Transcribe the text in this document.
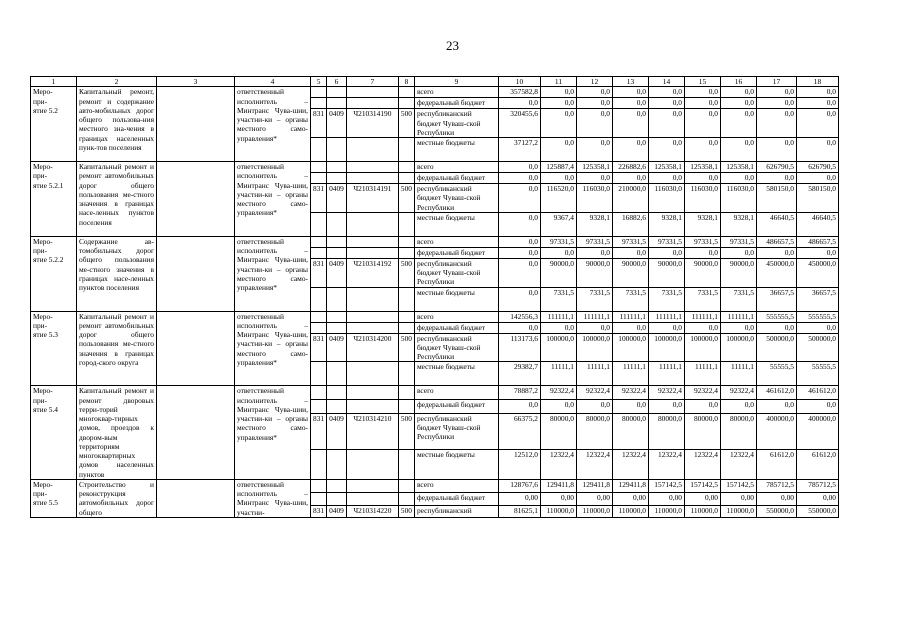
23
1	2	3	4	5	6	7	8	9	10	11	12	13	14	15	16	17	18

Меро-
при-
ятие 5.2	Капитальный ремонт, ремонт и содержание авто-мобильных дорог общего пользова-ния местного зна-чения в границах населенных пунк-тов поселения		ответственный исполнитель – Минтранс Чува-шии, участни-ки – органы местного само-управления*					всего	357582,8	0,0	0,0	0,0	0,0	0,0	0,0	0,0	0,0
								федеральный бюджет	0,0	0,0	0,0	0,0	0,0	0,0	0,0	0,0	0,0
				831	0409	Ч210314190	500	республиканский бюджет Чуваш-ской Республики	320455,6	0,0	0,0	0,0	0,0	0,0	0,0	0,0	0,0
								местные бюджеты	37127,2	0,0	0,0	0,0	0,0	0,0	0,0	0,0	0,0

Меро-
при-
ятие 5.2.1	Капитальный ремонт и ремонт автомобильных дорог общего пользования ме-стного значения в границах насе-ленных пунктов поселения		ответственный исполнитель – Минтранс Чува-шии, участни-ки – органы местного само-управления*					всего	0,0	125887,4	125358,1	226882,6	125358,1	125358,1	125358,1	626790,5	626790,5
								федеральный бюджет	0,0	0,0	0,0	0,0	0,0	0,0	0,0	0,0	0,0
				831	0409	Ч210314191	500	республиканский бюджет Чуваш-ской Республики	0,0	116520,0	116030,0	210000,0	116030,0	116030,0	116030,0	580150,0	580150,0
								местные бюджеты	0,0	9367,4	9328,1	16882,6	9328,1	9328,1	9328,1	46640,5	46640,5

Меро-
при-
ятие 5.2.2	Содержание ав-томобильных дорог общего пользования ме-стного значения в границах насе-ленных пунктов поселения		ответственный исполнитель – Минтранс Чува-шии, участни-ки – органы местного само-управления*					всего	0,0	97331,5	97331,5	97331,5	97331,5	97331,5	97331,5	486657,5	486657,5
								федеральный бюджет	0,0	0,0	0,0	0,0	0,0	0,0	0,0	0,0	0,0
				831	0409	Ч210314192	500	республиканский бюджет Чуваш-ской Республики	0,0	90000,0	90000,0	90000,0	90000,0	90000,0	90000,0	450000,0	450000,0
								местные бюджеты	0,0	7331,5	7331,5	7331,5	7331,5	7331,5	7331,5	36657,5	36657,5

Меро-
при-
ятие 5.3	Капитальный ремонт и ремонт автомобильных дорог общего пользования ме-стного значения в границах город-ского округа		ответственный исполнитель – Минтранс Чува-шии, участни-ки – органы местного само-управления*					всего	142556,3	111111,1	111111,1	111111,1	111111,1	111111,1	111111,1	555555,5	555555,5
								федеральный бюджет	0,0	0,0	0,0	0,0	0,0	0,0	0,0	0,0	0,0
				831	0409	Ч210314200	500	республиканский бюджет Чуваш-ской Республики	113173,6	100000,0	100000,0	100000,0	100000,0	100000,0	100000,0	500000,0	500000,0
								местные бюджеты	29382,7	11111,1	11111,1	11111,1	11111,1	11111,1	11111,1	55555,5	55555,5

Меро-
при-
ятие 5.4	Капитальный ремонт и ремонт дворовых терри-торий многоквар-тирных домов, проездов к двором-вым территориям многоквартирных домов населенных пунктов		ответственный исполнитель – Минтранс Чува-шии, участни-ки – органы местного само-управления*					всего	78887,2	92322,4	92322,4	92322,4	92322,4	92322,4	92322,4	461612,0	461612,0
								федеральный бюджет	0,0	0,0	0,0	0,0	0,0	0,0	0,0	0,0	0,0
				831	0409	Ч210314210	500	республиканский бюджет Чуваш-ской Республики	66375,2	80000,0	80000,0	80000,0	80000,0	80000,0	80000,0	400000,0	400000,0
								местные бюджеты	12512,0	12322,4	12322,4	12322,4	12322,4	12322,4	12322,4	61612,0	61612,0

Меро-
при-
ятие 5.5	Строительство и реконструкция автомобильных дорог общего		ответственный исполнитель – Минтранс Чува-шии, участни-					всего	128767,6	129411,8	129411,8	129411,8	157142,5	157142,5	157142,5	785712,5	785712,5
								федеральный бюджет	0,00	0,00	0,00	0,00	0,00	0,00	0,00	0,00	0,00
				831	0409	Ч210314220	500	республиканский	81625,1	110000,0	110000,0	110000,0	110000,0	110000,0	110000,0	550000,0	550000,0
